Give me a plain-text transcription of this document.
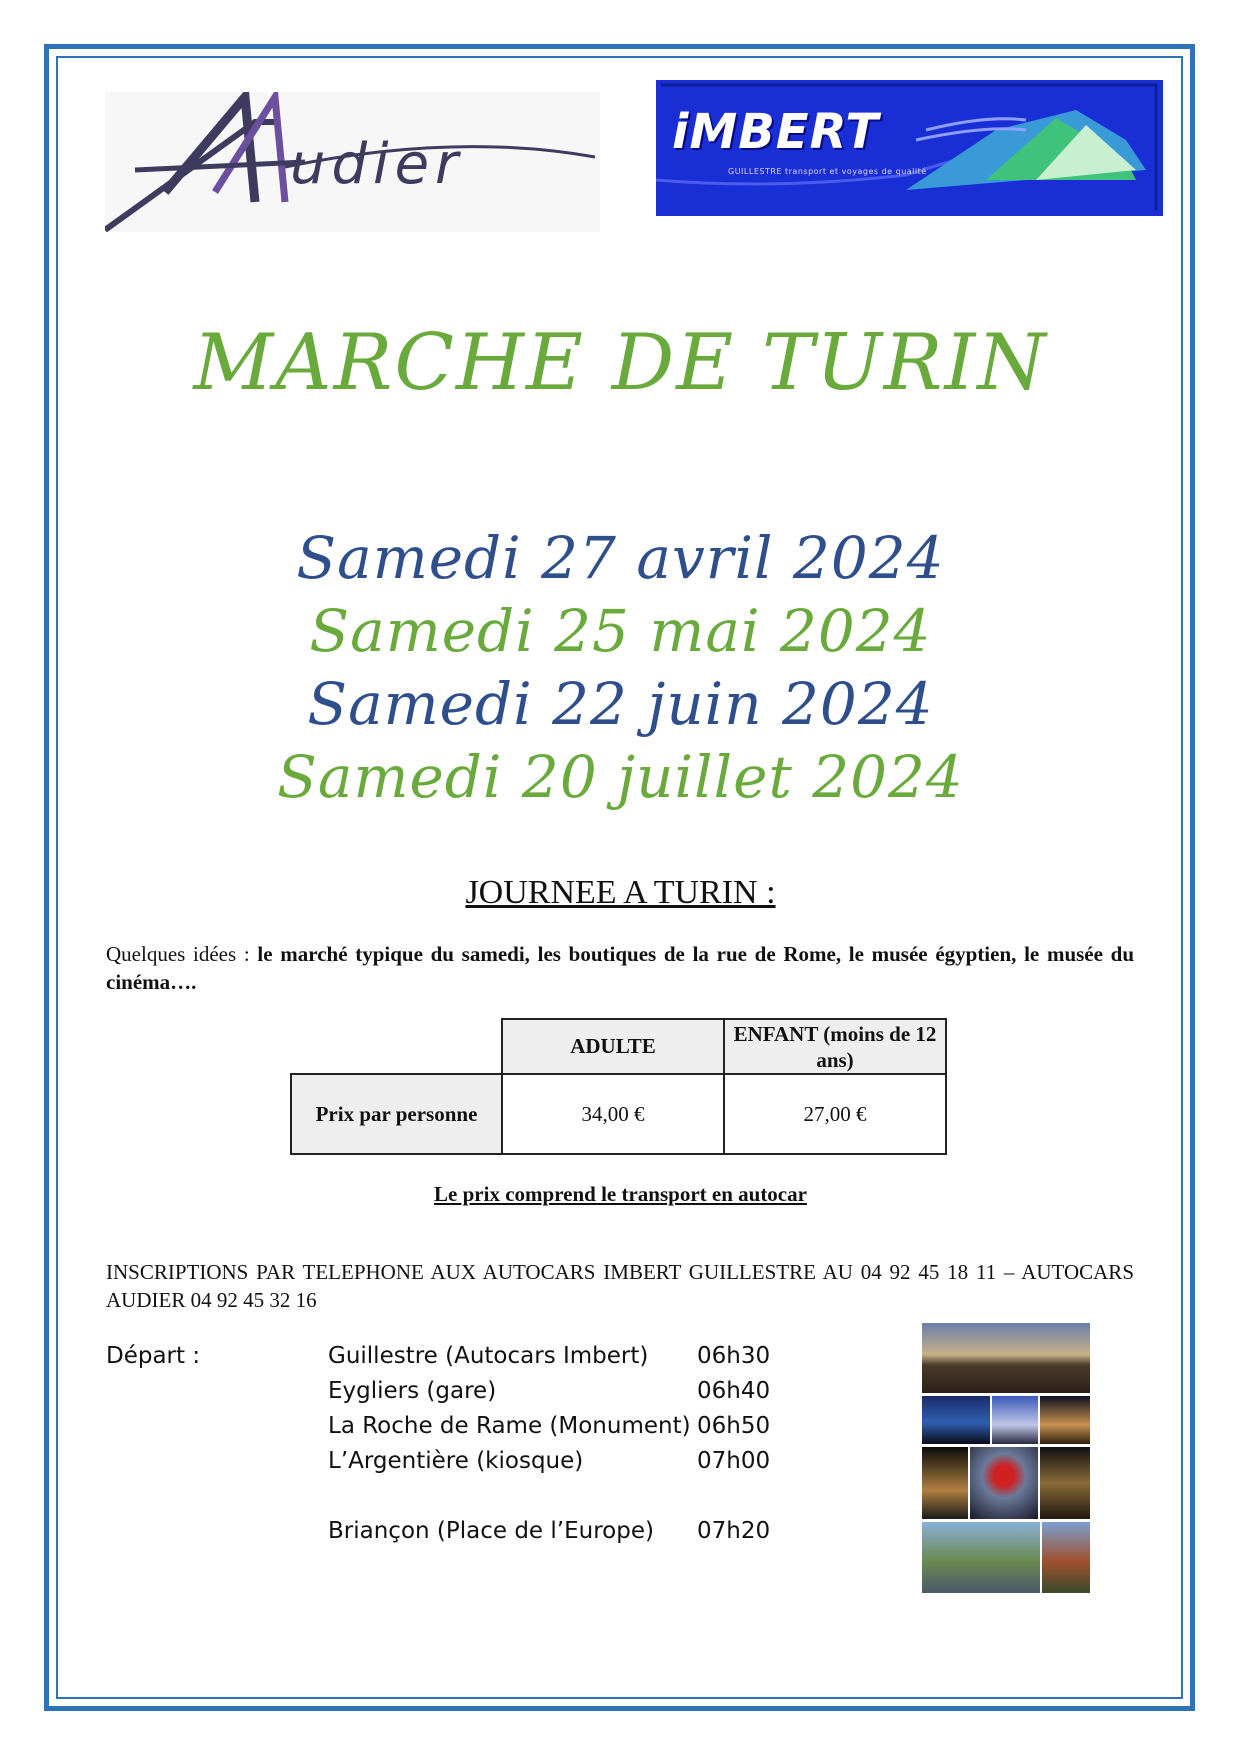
udier	iMBERT
GUILLESTRE transport et voyages de qualité
MARCHE DE TURIN
Samedi 27 avril 2024
Samedi 25 mai 2024
Samedi 22 juin 2024
Samedi 20 juillet 2024
JOURNEE A TURIN :
Quelques idées : le marché typique du samedi, les boutiques de la rue de Rome, le musée égyptien, le musée du cinéma….
	ADULTE	ENFANT (moins de 12 ans)
Prix par personne	34,00 €	27,00 €
Le prix comprend le transport en autocar
INSCRIPTIONS PAR TELEPHONE AUX AUTOCARS IMBERT GUILLESTRE AU 04 92 45 18 11 – AUTOCARS AUDIER 04 92 45 32 16
Départ :	Guillestre (Autocars Imbert) 06h30
Eygliers (gare)	06h40
La Roche de Rame (Monument) 06h50
L’Argentière (kiosque)	07h00
Briançon (Place de l’Europe) 07h20
